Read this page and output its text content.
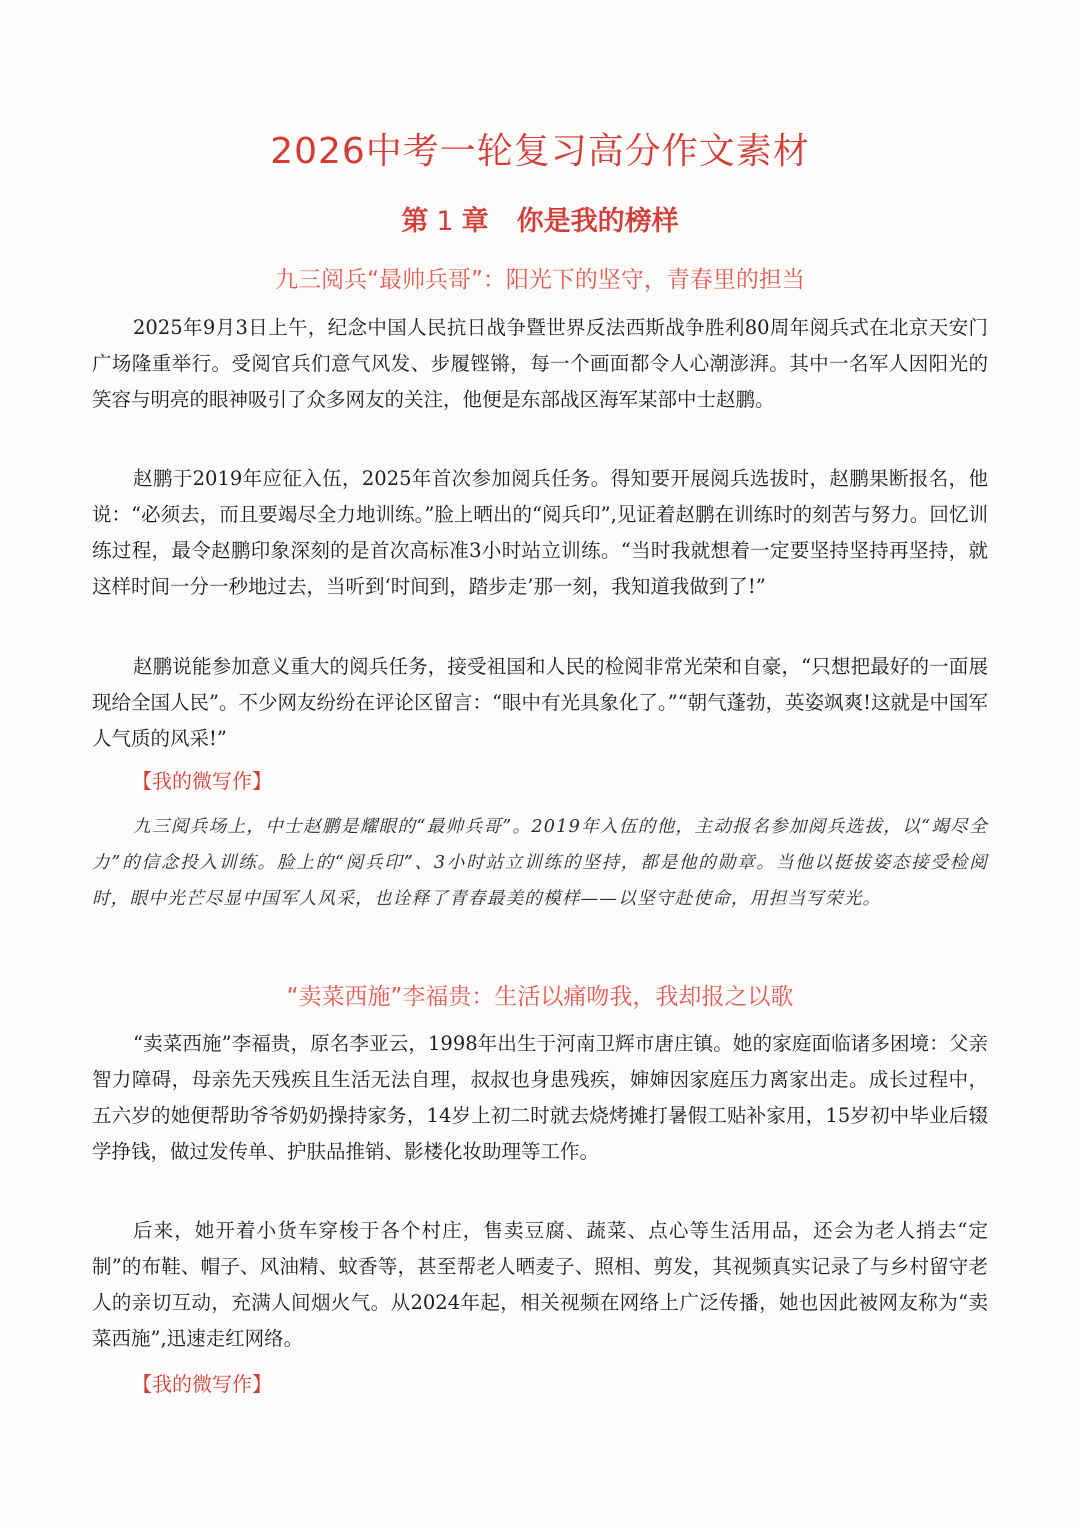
2026中考一轮复习高分作文素材
第 1 章 你是我的榜样
九三阅兵“最帅兵哥”：阳光下的坚守，青春里的担当

2025年9月3日上午，纪念中国人民抗日战争暨世界反法西斯战争胜利80周年阅兵式在北京天安门广场隆重举行。受阅官兵们意气风发、步履铿锵，每一个画面都令人心潮澎湃。其中一名军人因阳光的笑容与明亮的眼神吸引了众多网友的关注，他便是东部战区海军某部中士赵鹏。

赵鹏于2019年应征入伍，2025年首次参加阅兵任务。得知要开展阅兵选拔时，赵鹏果断报名，他说：“必须去，而且要竭尽全力地训练。”脸上晒出的“阅兵印”,见证着赵鹏在训练时的刻苦与努力。回忆训练过程，最令赵鹏印象深刻的是首次高标准3小时站立训练。“当时我就想着一定要坚持坚持再坚持，就这样时间一分一秒地过去，当听到‘时间到，踏步走’那一刻，我知道我做到了!”

赵鹏说能参加意义重大的阅兵任务，接受祖国和人民的检阅非常光荣和自豪，“只想把最好的一面展现给全国人民”。不少网友纷纷在评论区留言：“眼中有光具象化了。”“朝气蓬勃，英姿飒爽!这就是中国军人气质的风采!”

【我的微写作】

九三阅兵场上，中士赵鹏是耀眼的“最帅兵哥”。2019年入伍的他，主动报名参加阅兵选拔，以“竭尽全力”的信念投入训练。脸上的“阅兵印”、3小时站立训练的坚持，都是他的勋章。当他以挺拔姿态接受检阅时，眼中光芒尽显中国军人风采，也诠释了青春最美的模样——以坚守赴使命，用担当写荣光。

“卖菜西施”李福贵：生活以痛吻我，我却报之以歌

“卖菜西施”李福贵，原名李亚云，1998年出生于河南卫辉市唐庄镇。她的家庭面临诸多困境：父亲智力障碍，母亲先天残疾且生活无法自理，叔叔也身患残疾，婶婶因家庭压力离家出走。成长过程中，五六岁的她便帮助爷爷奶奶操持家务，14岁上初二时就去烧烤摊打暑假工贴补家用，15岁初中毕业后辍学挣钱，做过发传单、护肤品推销、影楼化妆助理等工作。

后来，她开着小货车穿梭于各个村庄，售卖豆腐、蔬菜、点心等生活用品，还会为老人捎去“定制”的布鞋、帽子、风油精、蚊香等，甚至帮老人晒麦子、照相、剪发，其视频真实记录了与乡村留守老人的亲切互动，充满人间烟火气。从2024年起，相关视频在网络上广泛传播，她也因此被网友称为“卖菜西施”,迅速走红网络。

【我的微写作】
